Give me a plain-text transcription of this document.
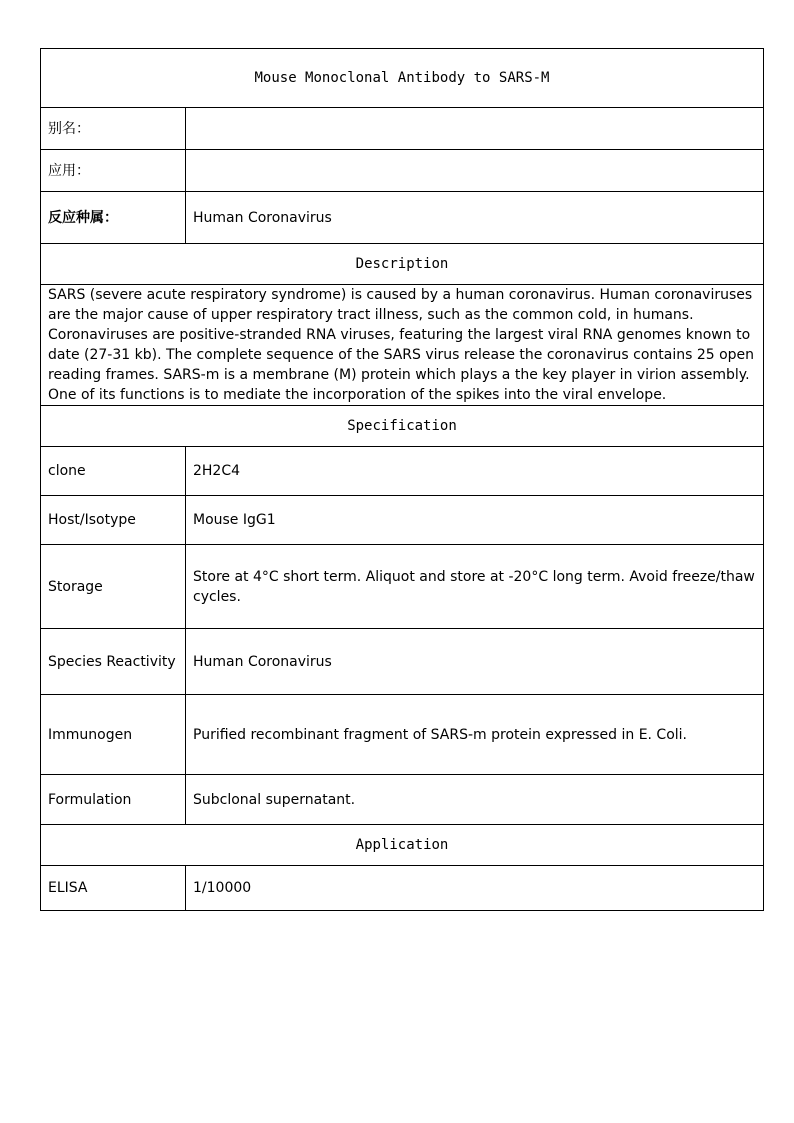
Mouse Monoclonal Antibody to SARS-M	
别名：	
应用：	
反应种属：	Human Coronavirus
Description	
SARS (severe acute respiratory syndrome) is caused by a human coronavirus. Human coronaviruses are the major cause of upper respiratory tract illness, such as the common cold, in humans. Coronaviruses are positive-stranded RNA viruses, featuring the largest viral RNA genomes known to date (27-31 kb). The complete sequence of the SARS virus release the coronavirus contains 25 open reading frames. SARS-m is a membrane (M) protein which plays a the key player in virion assembly. One of its functions is to mediate the incorporation of the spikes into the viral envelope.	
Specification	
clone	2H2C4
Host/Isotype	Mouse IgG1
Storage	Store at 4°C short term. Aliquot and store at -20°C long term. Avoid freeze/thaw cycles.
Species Reactivity	Human Coronavirus
Immunogen	Purified recombinant fragment of SARS-m protein expressed in E. Coli.
Formulation	Subclonal supernatant.
Application	
ELISA	1/10000
